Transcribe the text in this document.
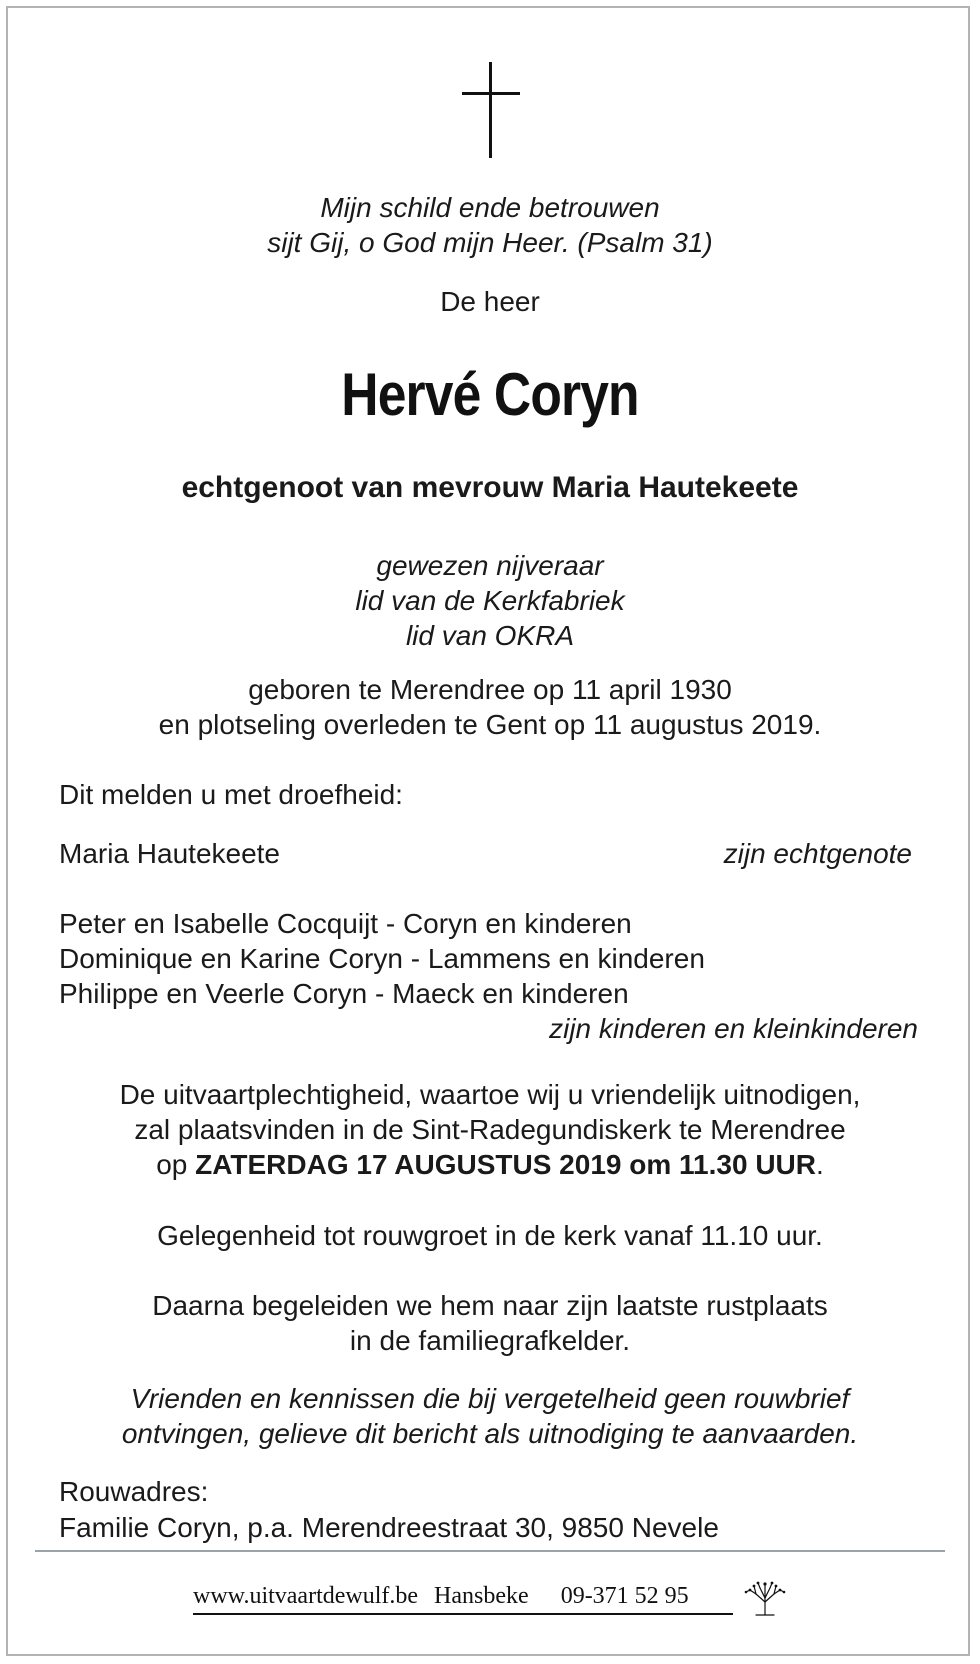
Mijn schild ende betrouwen
sijt Gij, o God mijn Heer. (Psalm 31)
De heer
Hervé Coryn
echtgenoot van mevrouw Maria Hautekeete
gewezen nijveraar
lid van de Kerkfabriek
lid van OKRA
geboren te Merendree op 11 april 1930
en plotseling overleden te Gent op 11 augustus 2019.
Dit melden u met droefheid:
Maria Hautekeete	zijn echtgenote
Peter en Isabelle Cocquijt - Coryn en kinderen
Dominique en Karine Coryn - Lammens en kinderen
Philippe en Veerle Coryn - Maeck en kinderen
zijn kinderen en kleinkinderen
De uitvaartplechtigheid, waartoe wij u vriendelijk uitnodigen,
zal plaatsvinden in de Sint-Radegundiskerk te Merendree
op ZATERDAG 17 AUGUSTUS 2019 om 11.30 UUR.
Gelegenheid tot rouwgroet in de kerk vanaf 11.10 uur.
Daarna begeleiden we hem naar zijn laatste rustplaats
in de familiegrafkelder.
Vrienden en kennissen die bij vergetelheid geen rouwbrief
ontvingen, gelieve dit bericht als uitnodiging te aanvaarden.
Rouwadres:
Familie Coryn, p.a. Merendreestraat 30, 9850 Nevele
www.uitvaartdewulf.be Hansbeke 09-371 52 95
